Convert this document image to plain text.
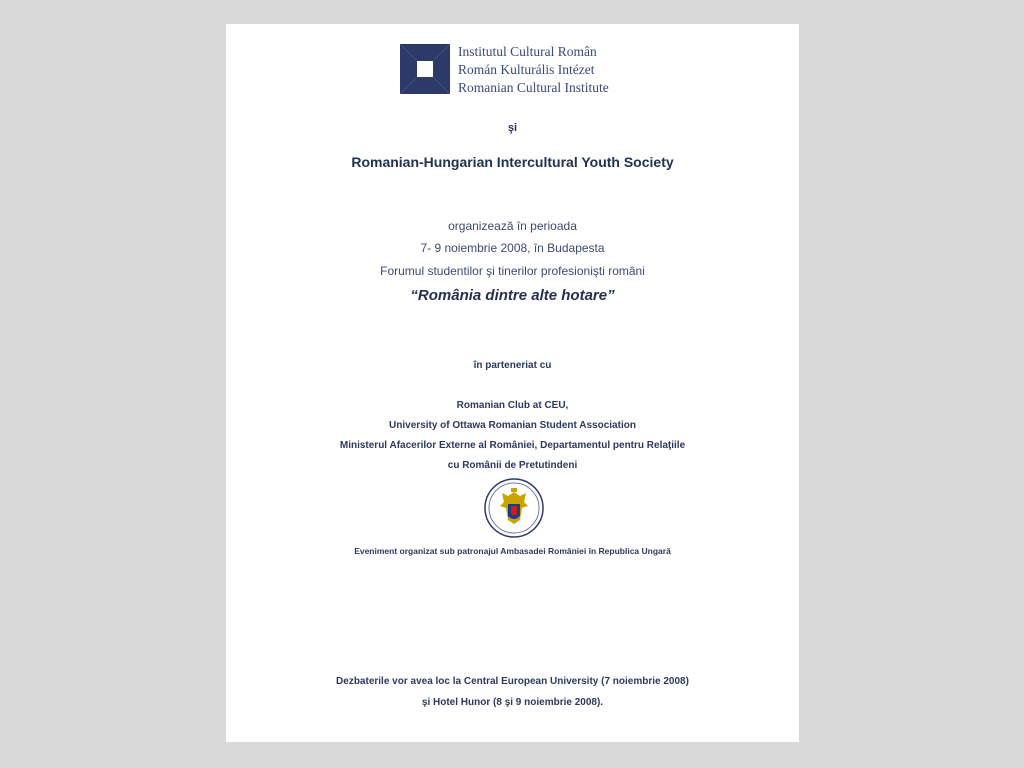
Institutul Cultural Român
Román Kulturális Intézet
Romanian Cultural Institute
şi
Romanian-Hungarian Intercultural Youth Society
organizează în perioada
7- 9 noiembrie 2008, în Budapesta
Forumul studentilor şi tinerilor profesionişti români
“România dintre alte hotare”
în parteneriat cu
Romanian Club at CEU,
University of Ottawa Romanian Student Association
Ministerul Afacerilor Externe al României, Departamentul pentru Relaţiile
cu Românii de Pretutindeni
Eveniment organizat sub patronajul Ambasadei României în Republica Ungară
Dezbaterile vor avea loc la Central European University (7 noiembrie 2008)
şi Hotel Hunor (8 şi 9 noiembrie 2008).
